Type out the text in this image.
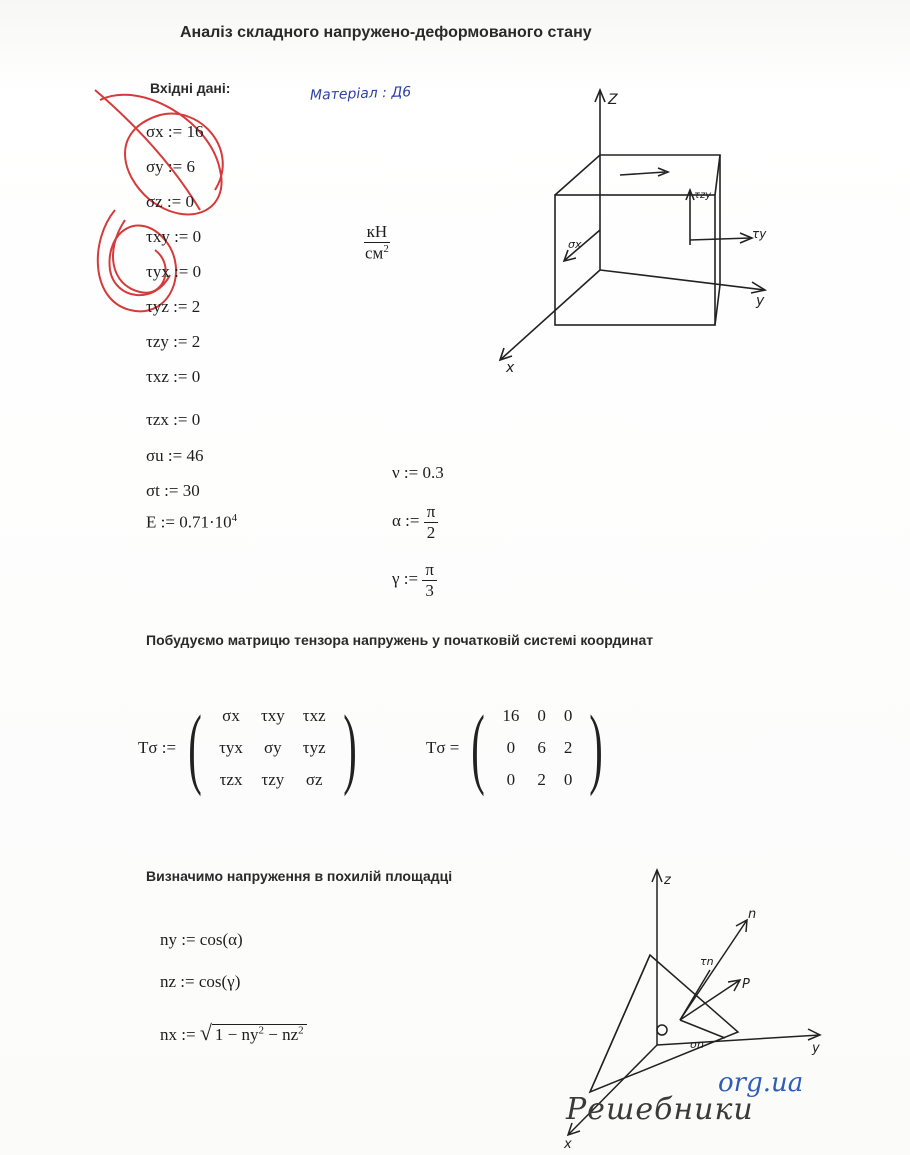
Аналіз складного напружено-деформованого стану
Вхідні дані:	Матеріал : Д6
σx := 16
σy := 6
σz := 0
τxy := 0
τyx := 0
τyz := 2
τzy := 2
τxz := 0
τzx := 0
σu := 46
σt := 30
E := $0.71\cdot 10^4$
$\frac{кН}{см^2}$
ν := 0.3
α := $\frac{\pi}{2}$
γ := $\frac{\pi}{3}$
Z
y
x
τy
σx
τzy
Побудуємо матрицю тензора напружень у початковій системі координат
Tσ := ( σx	τxy	τxz
τyx	σy	τyz
τzx	τzy	σz )	Tσ = ( 16	0	0
0	6	2
0	2	0 )
Визначимо напруження в похилій площадці
ny := cos(α)
nz := cos(γ)
nx := √ $1 - ny^2 - nz^2$
z
y
x
n
P
τn
σn
org.ua
Решебники
